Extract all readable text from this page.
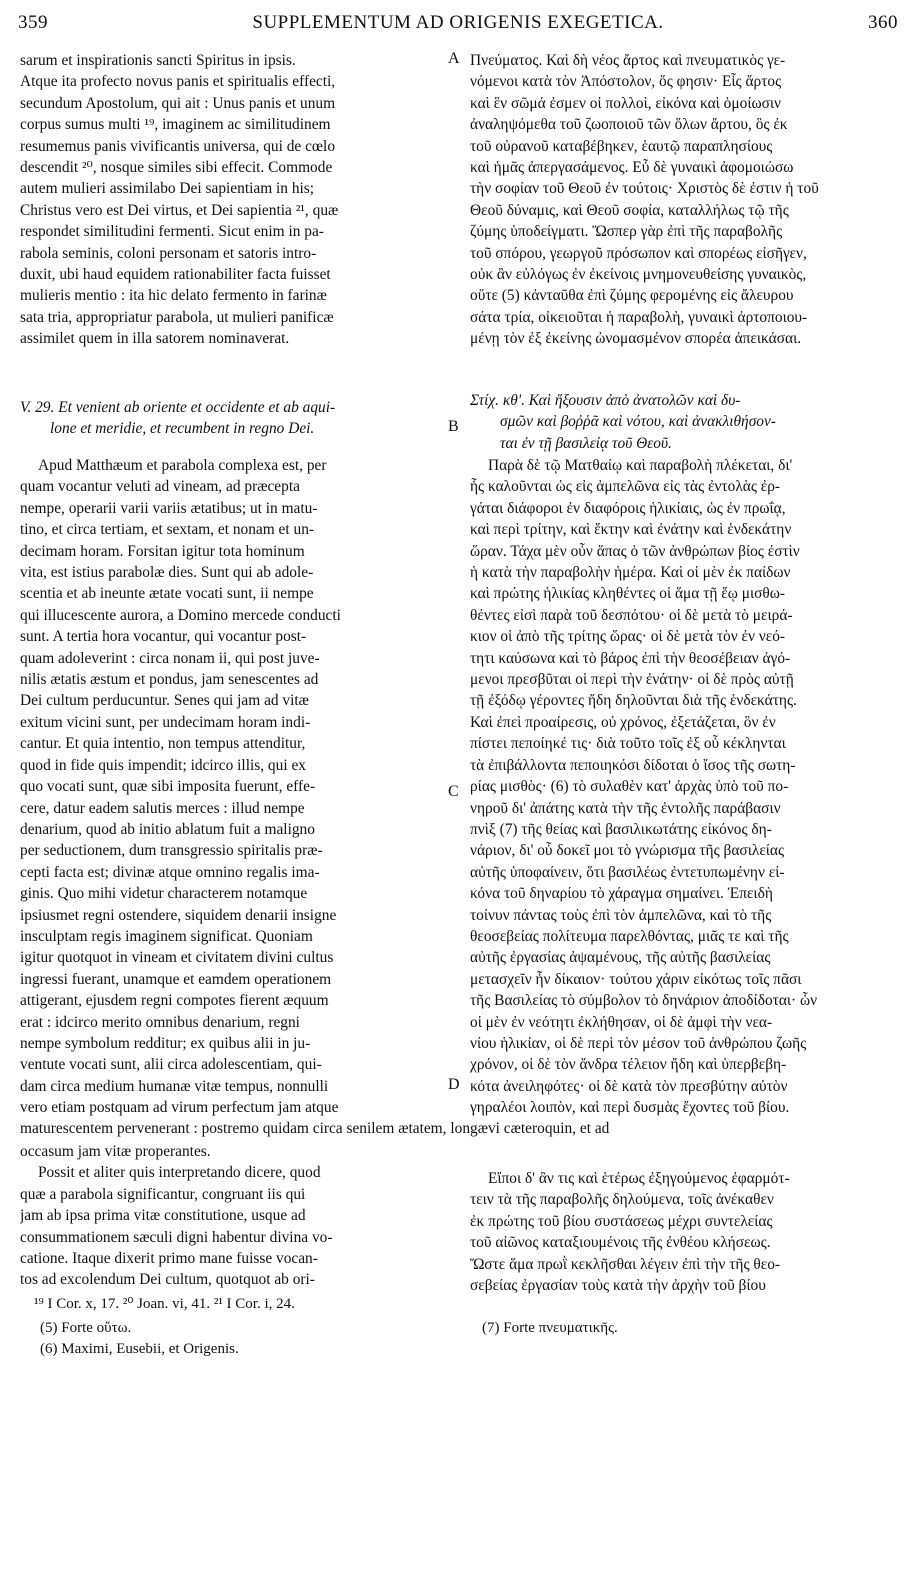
359	SUPPLEMENTUM AD ORIGENIS EXEGETICA.	360
sarum et inspirationis sancti Spiritus in ipsis.
Atque ita profecto novus panis et spiritualis effecti,
secundum Apostolum, qui ait : Unus panis et unum
corpus sumus multi ¹⁹, imaginem ac similitudinem
resumemus panis vivificantis universa, qui de cœlo
descendit ²⁰, nosque similes sibi effecit. Commode
autem mulieri assimilabo Dei sapientiam in his;
Christus vero est Dei virtus, et Dei sapientia ²¹, quæ
respondet similitudini fermenti. Sicut enim in pa-
rabola seminis, coloni personam et satoris intro-
duxit, ubi haud equidem rationabiliter facta fuisset
mulieris mentio : ita hic delato fermento in farinæ
sata tria, appropriatur parabola, ut mulieri panificæ
assimilet quem in illa satorem nominaverat.
V. 29. Et venient ab oriente et occidente et ab aqui-
lone et meridie, et recumbent in regno Dei.
Apud Matthæum et parabola complexa est, per
quam vocantur veluti ad vineam, ad præcepta
nempe, operarii varii variis ætatibus; ut in matu-
tino, et circa tertiam, et sextam, et nonam et un-
decimam horam. Forsitan igitur tota hominum
vita, est istius parabolæ dies. Sunt qui ab adole-
scentia et ab ineunte ætate vocati sunt, ii nempe
qui illucescente aurora, a Domino mercede conducti
sunt. A tertia hora vocantur, qui vocantur post-
quam adoleverint : circa nonam ii, qui post juve-
nilis ætatis æstum et pondus, jam senescentes ad
Dei cultum perducuntur. Senes qui jam ad vitæ
exitum vicini sunt, per undecimam horam indi-
cantur. Et quia intentio, non tempus attenditur,
quod in fide quis impendit; idcirco illis, qui ex
quo vocati sunt, quæ sibi imposita fuerunt, effe-
cere, datur eadem salutis merces : illud nempe
denarium, quod ab initio ablatum fuit a maligno
per seductionem, dum transgressio spiritalis præ-
cepti facta est; divinæ atque omnino regalis ima-
ginis. Quo mihi videtur characterem notamque
ipsiusmet regni ostendere, siquidem denarii insigne
insculptam regis imaginem significat. Quoniam
igitur quotquot in vineam et civitatem divini cultus
ingressi fuerant, unamque et eamdem operationem
attigerant, ejusdem regni compotes fierent æquum
erat : idcirco merito omnibus denarium, regni
nempe symbolum redditur; ex quibus alii in ju-
ventute vocati sunt, alii circa adolescentiam, qui-
dam circa medium humanæ vitæ tempus, nonnulli
vero etiam postquam ad virum perfectum jam atque
Πνεύματος. Καὶ δὴ νέος ἄρτος καὶ πνευματικὸς γε-
νόμενοι κατὰ τὸν Ἀπόστολον, ὅς φησιν· Εἷς ἄρτος
καὶ ἓν σῶμά ἐσμεν οἱ πολλοὶ, εἰκόνα καὶ ὁμοίωσιν
ἀναληψόμεθα τοῦ ζωοποιοῦ τῶν ὅλων ἄρτου, ὃς ἐκ
τοῦ οὐρανοῦ καταβέβηκεν, ἑαυτῷ παραπλησίους
καὶ ἡμᾶς ἀπεργασάμενος. Εὖ δὲ γυναικὶ ἀφομοιώσω
τὴν σοφίαν τοῦ Θεοῦ ἐν τούτοις· Χριστὸς δὲ ἐστιν ἡ τοῦ
Θεοῦ δύναμις, καὶ Θεοῦ σοφία, καταλλήλως τῷ τῆς
ζύμης ὑποδείγματι. Ὥσπερ γὰρ ἐπὶ τῆς παραβολῆς
τοῦ σπόρου, γεωργοῦ πρόσωπον καὶ σπορέως εἰσῆγεν,
οὐκ ἂν εὐλόγως ἐν ἐκείνοις μνημονευθείσης γυναικὸς,
οὕτε (5) κἀνταῦθα ἐπὶ ζύμης φερομένης εἰς ἄλευρου
σάτα τρία, οἰκειοῦται ἡ παραβολὴ, γυναικὶ ἀρτοποιου-
μένῃ τὸν ἐξ ἐκείνης ὠνομασμένον σπορέα ἀπεικάσαι.
Στίχ. κθ'. Καὶ ἥξουσιν ἀπὸ ἀνατολῶν καὶ δυ-
σμῶν καὶ βοῤῥᾶ καὶ νότου, καὶ ἀνακλιθήσον-
ται ἐν τῇ βασιλείᾳ τοῦ Θεοῦ.
Παρὰ δὲ τῷ Ματθαίῳ καὶ παραβολὴ πλέκεται, δι'
ἧς καλοῦνται ὡς εἰς ἀμπελῶνα εἰς τὰς ἐντολὰς ἐρ-
γάται διάφοροι ἐν διαφόροις ἡλικίαις, ὡς ἐν πρωΐᾳ,
καὶ περὶ τρίτην, καὶ ἕκτην καὶ ἐνάτην καὶ ἑνδεκάτην
ὥραν. Τάχα μὲν οὖν ἅπας ὁ τῶν ἀνθρώπων βίος ἐστὶν
ἡ κατὰ τὴν παραβολὴν ἡμέρα. Καὶ οἱ μὲν ἐκ παίδων
καὶ πρώτης ἡλικίας κληθέντες οἱ ἅμα τῇ ἕῳ μισθω-
θέντες εἰσὶ παρὰ τοῦ δεσπότου· οἱ δὲ μετὰ τὸ μειρά-
κιον οἱ ἀπὸ τῆς τρίτης ὥρας· οἱ δὲ μετὰ τὸν ἐν νεό-
τητι καύσωνα καὶ τὸ βάρος ἐπὶ τὴν θεοσέβειαν ἀγό-
μενοι πρεσβῦται οἱ περὶ τὴν ἐνάτην· οἱ δὲ πρὸς αὐτῇ
τῇ ἐξόδῳ γέροντες ἤδη δηλοῦνται διὰ τῆς ἑνδεκάτης.
Καὶ ἐπεὶ προαίρεσις, οὐ χρόνος, ἐξετάζεται, ὃν ἐν
πίστει πεποίηκέ τις· διὰ τοῦτο τοῖς ἐξ οὗ κέκληνται
τὰ ἐπιβάλλοντα πεποιηκόσι δίδοται ὁ ἴσος τῆς σωτη-
ρίας μισθὸς· (6) τὸ συλαθὲν κατ' ἀρχὰς ὑπὸ τοῦ πο-
νηροῦ δι' ἀπάτης κατὰ τὴν τῆς ἐντολῆς παράβασιν
πνὶξ (7) τῆς θείας καὶ βασιλικωτάτης εἰκόνος δη-
νάριον, δι' οὗ δοκεῖ μοι τὸ γνώρισμα τῆς βασιλείας
αὐτῆς ὑποφαίνειν, ὅτι βασιλέως ἐντετυπωμένην εἰ-
κόνα τοῦ δηναρίου τὸ χάραγμα σημαίνει. Ἐπειδὴ
τοίνυν πάντας τοὺς ἐπὶ τὸν ἀμπελῶνα, καὶ τὸ τῆς
θεοσεβείας πολίτευμα παρελθόντας, μιᾶς τε καὶ τῆς
αὐτῆς ἐργασίας ἀψαμένους, τῆς αὐτῆς βασιλείας
μετασχεῖν ἦν δίκαιον· τούτου χάριν εἰκότως τοῖς πᾶσι
τῆς Βασιλείας τὸ σύμβολον τὸ δηνάριον ἀποδίδοται· ὧν
οἱ μὲν ἐν νεότητι ἐκλήθησαν, οἱ δὲ ἀμφὶ τὴν νεα-
νίου ἡλικίαν, οἱ δὲ περὶ τὸν μέσον τοῦ ἀνθρώπου ζωῆς
χρόνον, οἱ δὲ τὸν ἄνδρα τέλειον ἤδη καὶ ὑπερβεβη-
κότα ἀνειληφότες· οἱ δὲ κατὰ τὸν πρεσβύτην αὐτὸν
γηραλέοι λοιπὸν, καὶ περὶ δυσμὰς ἔχοντες τοῦ βίου.
maturescentem pervenerant : postremo quidam circa senilem ætatem, longævi cæteroquin, et ad
occasum jam vitæ properantes.
Possit et aliter quis interpretando dicere, quod
quæ a parabola significantur, congruant iis qui
jam ab ipsa prima vitæ constitutione, usque ad
consummationem sæculi digni habentur divina vo-
catione. Itaque dixerit primo mane fuisse vocan-
tos ad excolendum Dei cultum, quotquot ab ori-
Εἴποι δ' ἂν τις καὶ ἑτέρως ἐξηγούμενος ἐφαρμότ-
τειν τὰ τῆς παραβολῆς δηλούμενα, τοῖς ἀνέκαθεν
ἐκ πρώτης τοῦ βίου συστάσεως μέχρι συντελείας
τοῦ αἰῶνος καταξιουμένοις τῆς ἐνθέου κλήσεως.
Ὥστε ἅμα πρωῒ κεκλῆσθαι λέγειν ἐπὶ τὴν τῆς θεο-
σεβείας ἐργασίαν τοὺς κατὰ τὴν ἀρχὴν τοῦ βίου
A
B
C
D
¹⁹ I Cor. x, 17. ²⁰ Joan. vi, 41. ²¹ I Cor. i, 24.
(5) Forte οὕτω.
(6) Maximi, Eusebii, et Origenis.
(7) Forte πνευματικῆς.
